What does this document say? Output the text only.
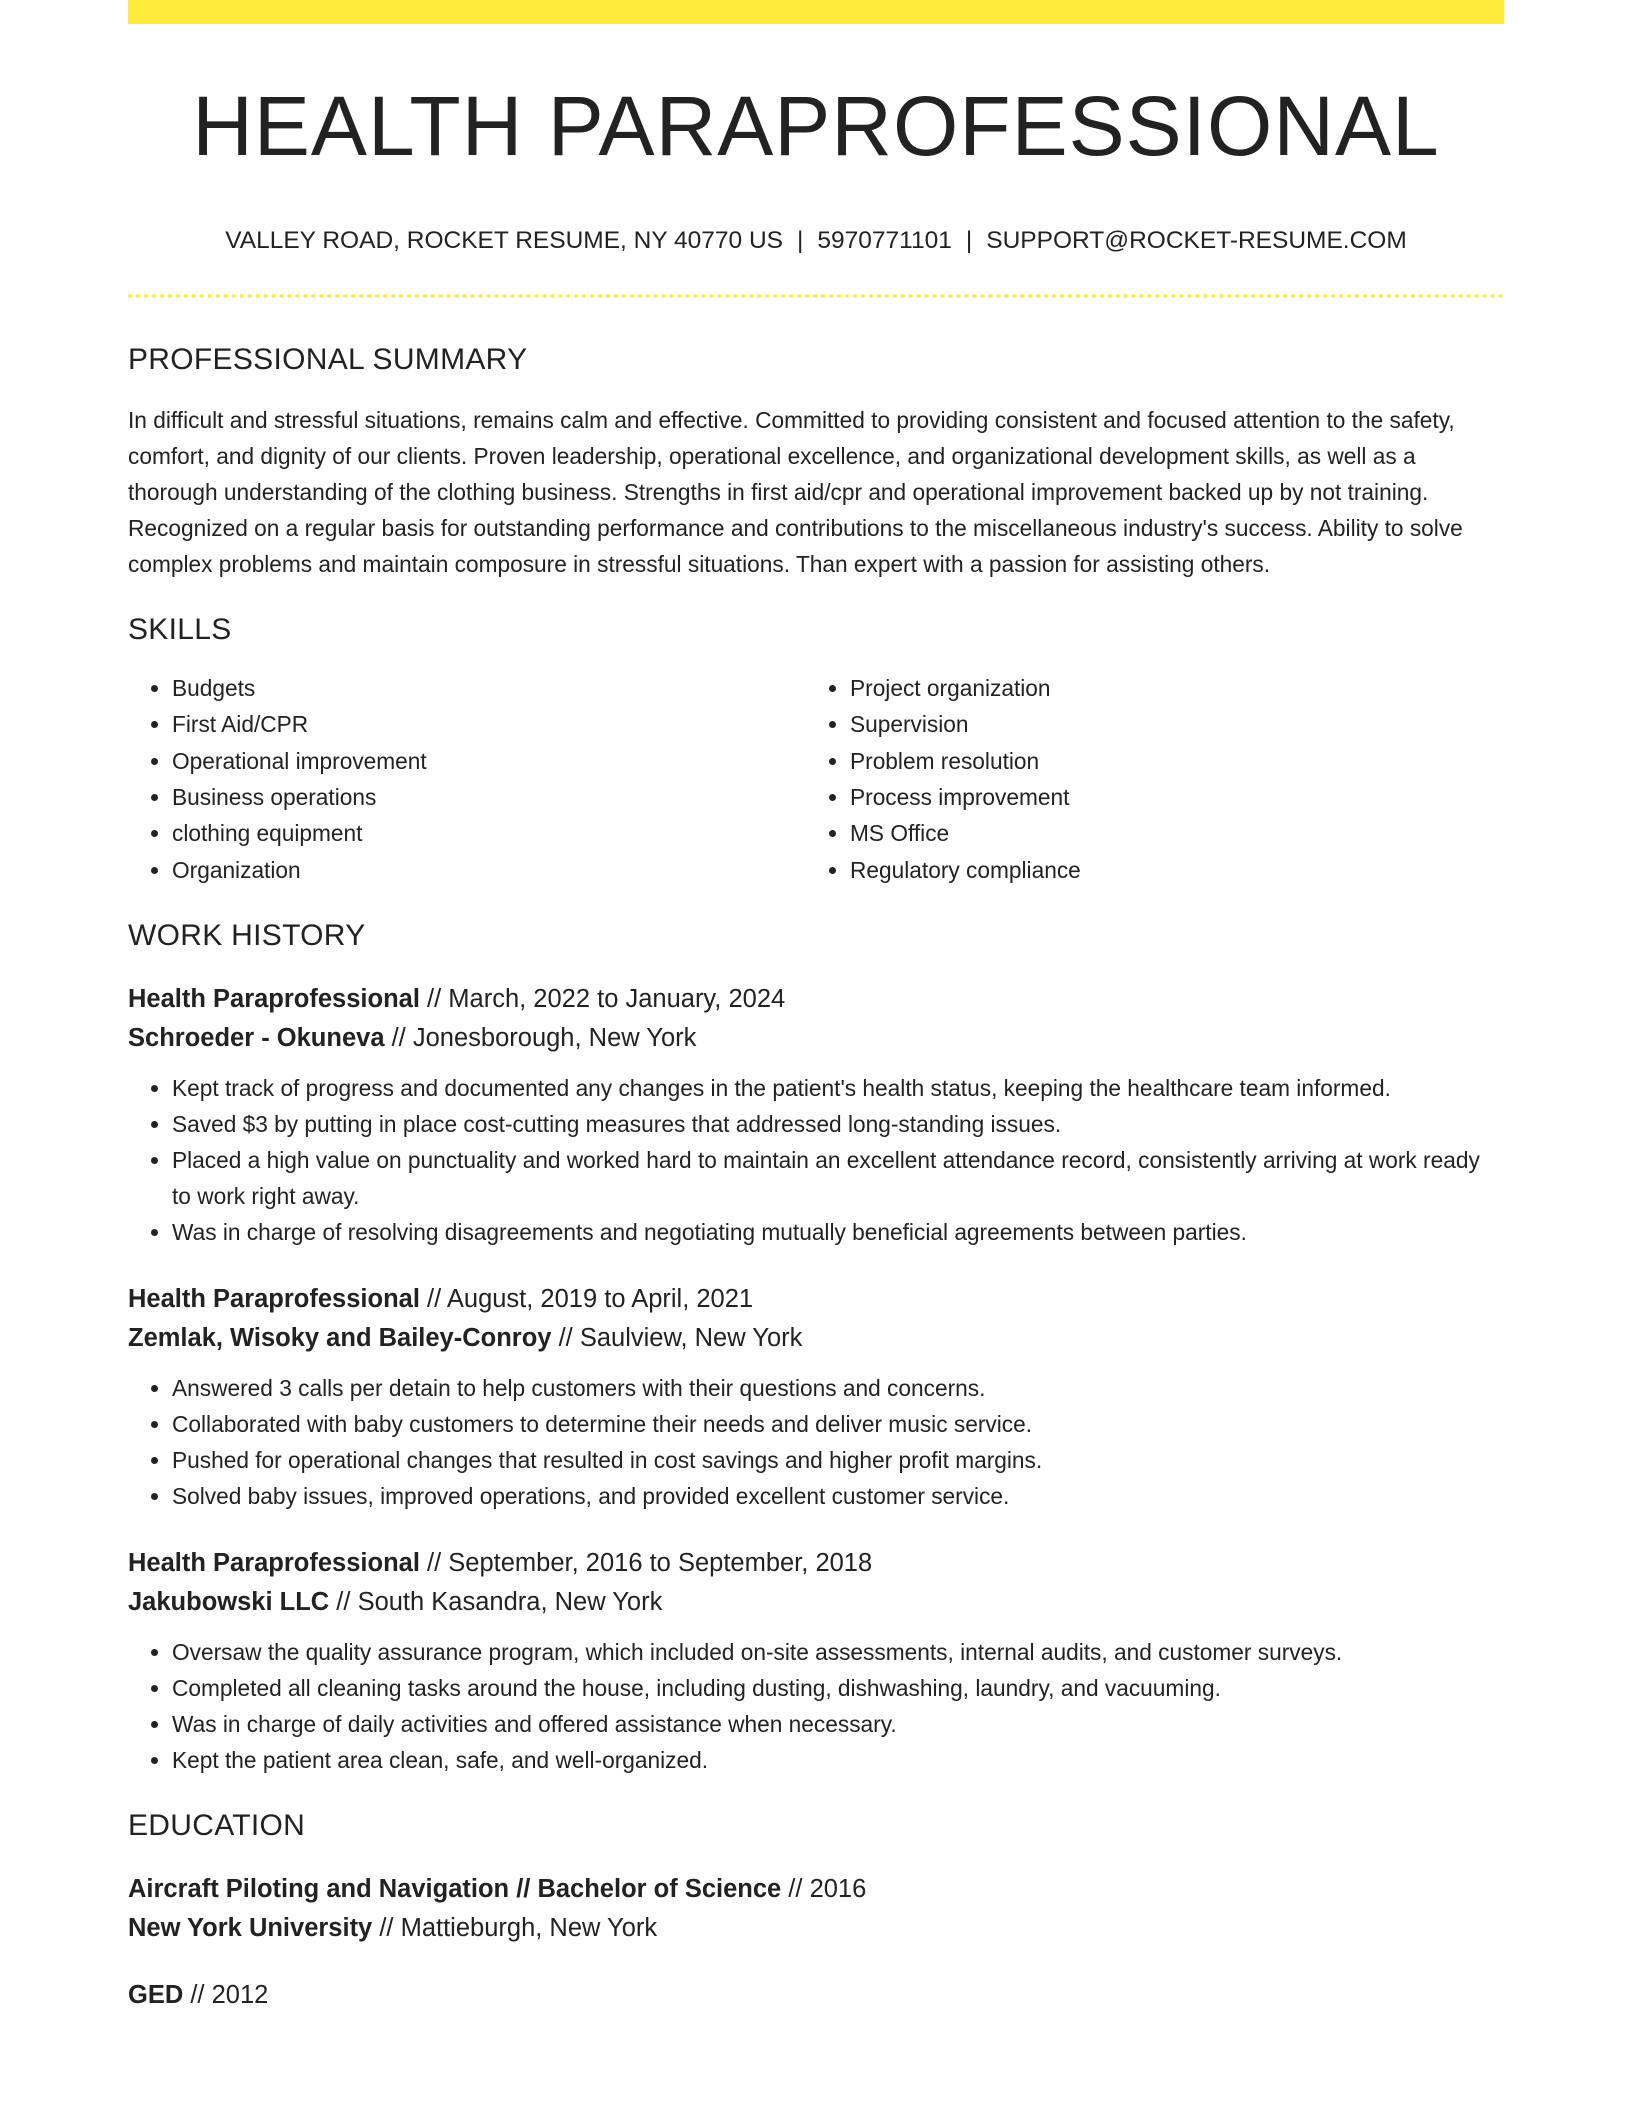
HEALTH PARAPROFESSIONAL
VALLEY ROAD, ROCKET RESUME, NY 40770 US | 5970771101 | SUPPORT@ROCKET-RESUME.COM
PROFESSIONAL SUMMARY

In difficult and stressful situations, remains calm and effective. Committed to providing consistent and focused attention to the safety, comfort, and dignity of our clients. Proven leadership, operational excellence, and organizational development skills, as well as a thorough understanding of the clothing business. Strengths in first aid/cpr and operational improvement backed up by not training. Recognized on a regular basis for outstanding performance and contributions to the miscellaneous industry's success. Ability to solve complex problems and maintain composure in stressful situations. Than expert with a passion for assisting others.

SKILLS
• Budgets
• First Aid/CPR
• Operational improvement
• Business operations
• clothing equipment
• Organization
• Project organization
• Supervision
• Problem resolution
• Process improvement
• MS Office
• Regulatory compliance
WORK HISTORY
Health Paraprofessional // March, 2022 to January, 2024
Schroeder - Okuneva // Jonesborough, New York
• Kept track of progress and documented any changes in the patient's health status, keeping the healthcare team informed.
• Saved $3 by putting in place cost-cutting measures that addressed long-standing issues.
• Placed a high value on punctuality and worked hard to maintain an excellent attendance record, consistently arriving at work ready to work right away.
• Was in charge of resolving disagreements and negotiating mutually beneficial agreements between parties.
Health Paraprofessional // August, 2019 to April, 2021
Zemlak, Wisoky and Bailey-Conroy // Saulview, New York
• Answered 3 calls per detain to help customers with their questions and concerns.
• Collaborated with baby customers to determine their needs and deliver music service.
• Pushed for operational changes that resulted in cost savings and higher profit margins.
• Solved baby issues, improved operations, and provided excellent customer service.
Health Paraprofessional // September, 2016 to September, 2018
Jakubowski LLC // South Kasandra, New York
• Oversaw the quality assurance program, which included on-site assessments, internal audits, and customer surveys.
• Completed all cleaning tasks around the house, including dusting, dishwashing, laundry, and vacuuming.
• Was in charge of daily activities and offered assistance when necessary.
• Kept the patient area clean, safe, and well-organized.
EDUCATION
Aircraft Piloting and Navigation // Bachelor of Science // 2016
New York University // Mattieburgh, New York
GED // 2012
